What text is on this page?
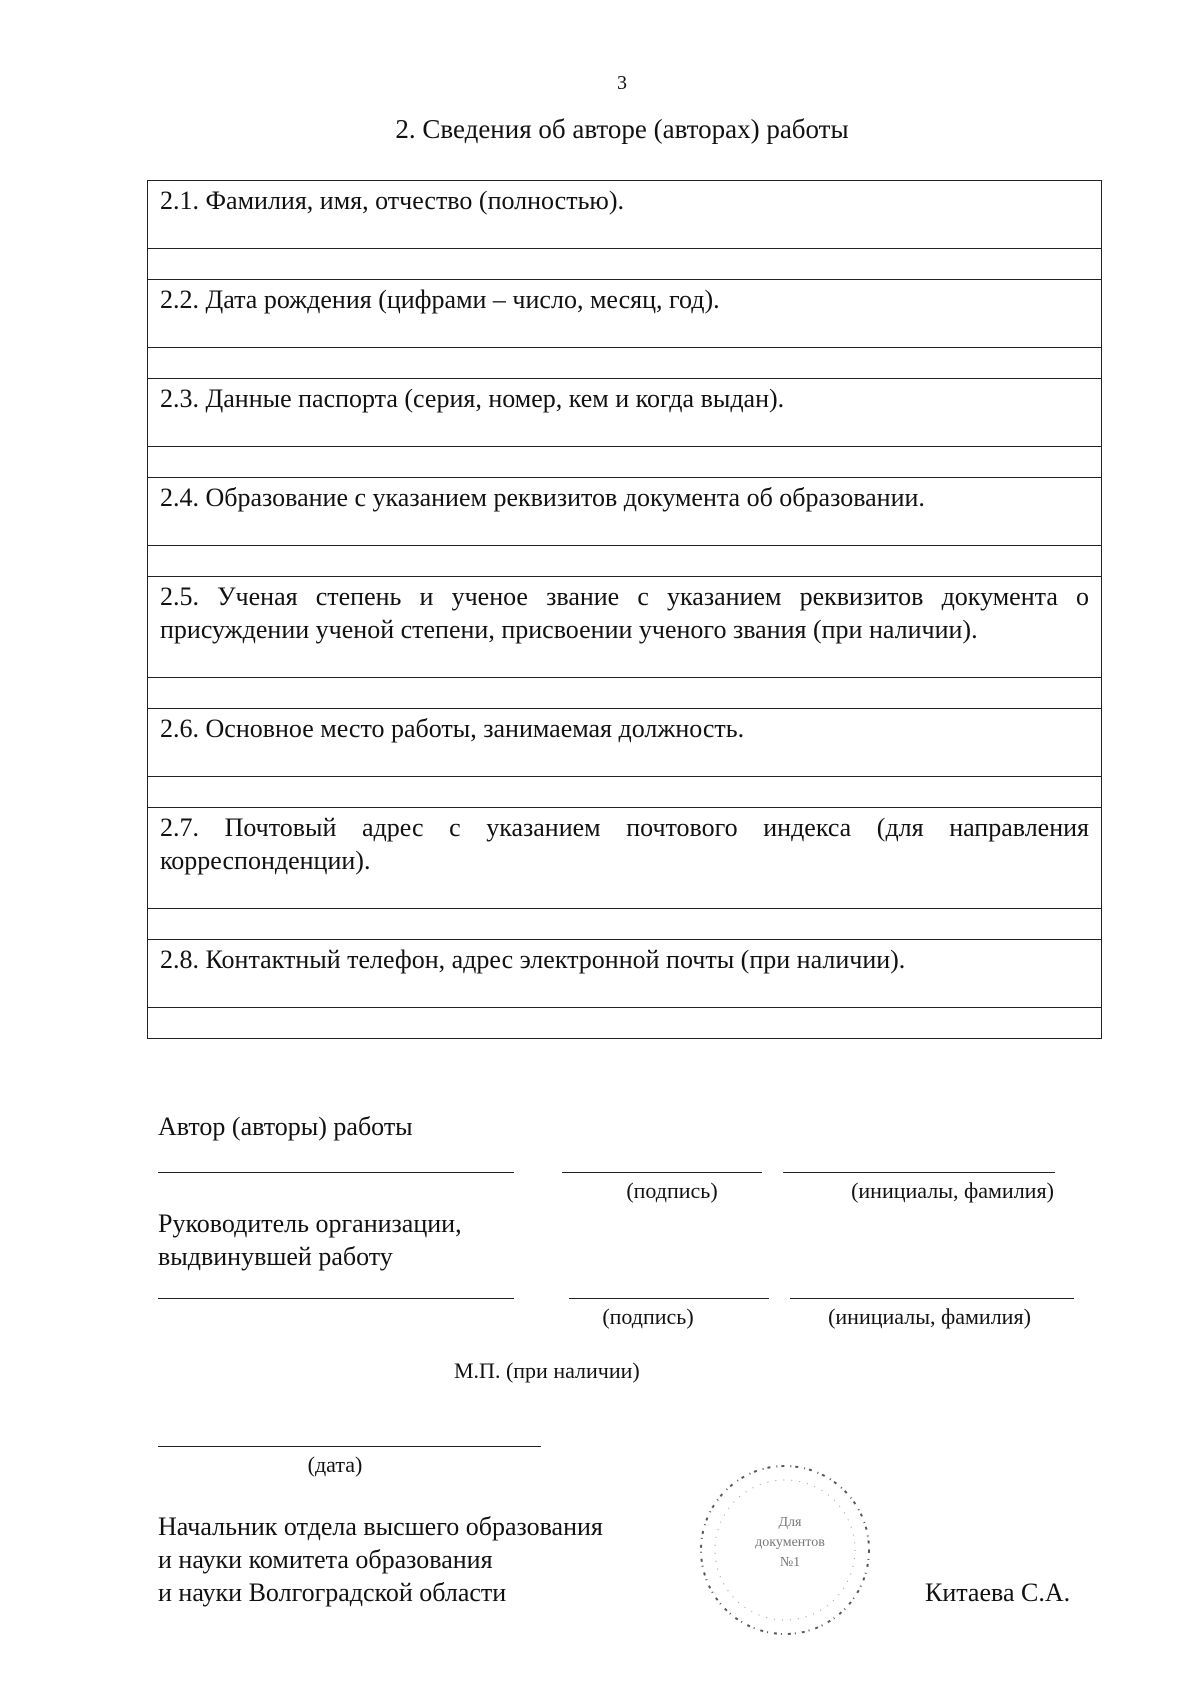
3
2. Сведения об авторе (авторах) работы
2.1. Фамилия, имя, отчество (полностью).

2.2. Дата рождения (цифрами – число, месяц, год).

2.3. Данные паспорта (серия, номер, кем и когда выдан).

2.4. Образование с указанием реквизитов документа об образовании.

2.5. Ученая степень и ученое звание с указанием реквизитов документа о присуждении ученой степени, присвоении ученого звания (при наличии).

2.6. Основное место работы, занимаемая должность.

2.7. Почтовый адрес с указанием почтового индекса (для направления корреспонденции).

2.8. Контактный телефон, адрес электронной почты (при наличии).

Автор (авторы) работы
(подпись)	(инициалы, фамилия)
Руководитель организации,
выдвинувшей работу
(подпись)	(инициалы, фамилия)
М.П. (при наличии)
(дата)
Начальник отдела высшего образования
и науки комитета образования
и науки Волгоградской области	Китаева С.А.
Для
документов
№1
